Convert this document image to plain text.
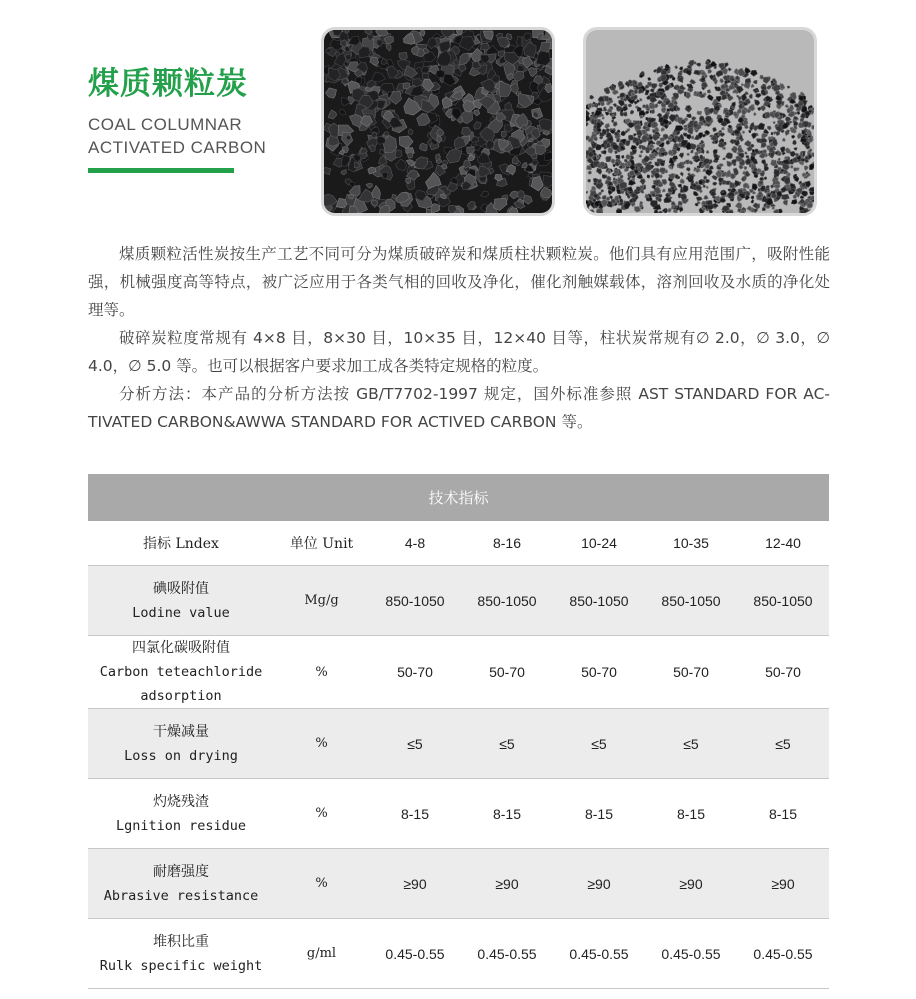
煤质颗粒炭
COAL COLUMNAR
ACTIVATED CARBON

煤质颗粒活性炭按生产工艺不同可分为煤质破碎炭和煤质柱状颗粒炭。他们具有应用范围广，吸附性能强，机械强度高等特点，被广泛应用于各类气相的回收及净化，催化剂触媒载体，溶剂回收及水质的净化处理等。

破碎炭粒度常规有 4×8 目，8×30 目，10×35 目，12×40 目等，柱状炭常规有∅ 2.0，∅ 3.0，∅ 4.0，∅ 5.0 等。也可以根据客户要求加工成各类特定规格的粒度。

分析方法：本产品的分析方法按 GB/T7702-1997 规定，国外标准参照 AST STANDARD FOR AC-TIVATED CARBON&AWWA STANDARD FOR ACTIVED CARBON 等。

技术指标						
指标 Lndex	单位 Unit	4-8	8-16	10-24	10-35	12-40

碘吸附值
Lodine value	Mg/g	850-1050	850-1050	850-1050	850-1050	850-1050

四氯化碳吸附值
Carbon teteachloride adsorption	%	50-70	50-70	50-70	50-70	50-70

干燥减量
Loss on drying	%	≤5	≤5	≤5	≤5	≤5

灼烧残渣
Lgnition residue	%	8-15	8-15	8-15	8-15	8-15

耐磨强度
Abrasive resistance	%	≥90	≥90	≥90	≥90	≥90

堆积比重
Rulk specific weight	g/ml	0.45-0.55	0.45-0.55	0.45-0.55	0.45-0.55	0.45-0.55
